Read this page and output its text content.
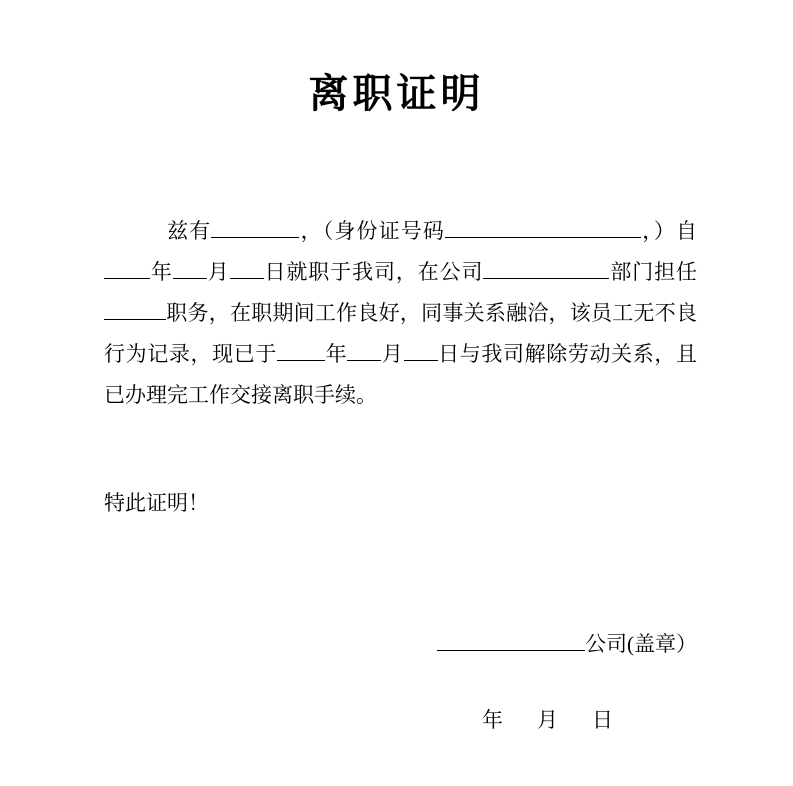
离职证明

兹有	，（身份证号码	，）自年 月 日就职于我司，在公司	部门担任职务，在职期间工作良好，同事关系融洽，该员工无不良行为记录，现已于 年 月 日与我司解除劳动关系，且已办理完工作交接离职手续。

特此证明！
公司(盖章）
年 月 日
